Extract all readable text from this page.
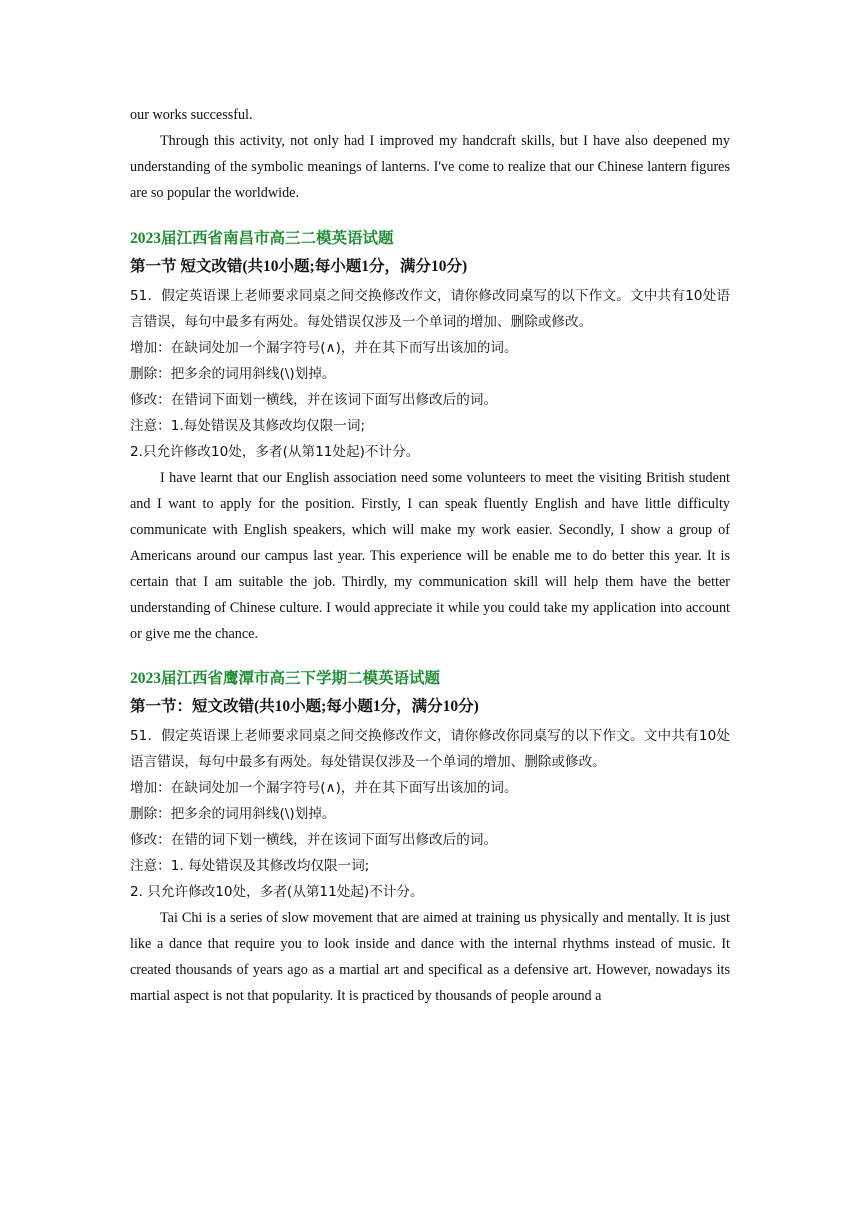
our works successful.

Through this activity, not only had I improved my handcraft skills, but I have also deepened my understanding of the symbolic meanings of lanterns. I've come to realize that our Chinese lantern figures are so popular the worldwide.

2023届江西省南昌市高三二模英语试题
第一节 短文改错(共10小题;每小题1分，满分10分)

51．假定英语课上老师要求同桌之间交换修改作文，请你修改同桌写的以下作文。文中共有10处语言错误，每句中最多有两处。每处错误仅涉及一个单词的增加、删除或修改。

增加：在缺词处加一个漏字符号(∧)，并在其下而写出该加的词。

删除：把多余的词用斜线(\)划掉。

修改：在错词下面划一横线，并在该词下面写出修改后的词。

注意：1.每处错误及其修改均仅限一词;

2.只允许修改10处，多者(从第11处起)不计分。

I have learnt that our English association need some volunteers to meet the visiting British student and I want to apply for the position. Firstly, I can speak fluently English and have little difficulty communicate with English speakers, which will make my work easier. Secondly, I show a group of Americans around our campus last year. This experience will be enable me to do better this year. It is certain that I am suitable the job. Thirdly, my communication skill will help them have the better understanding of Chinese culture. I would appreciate it while you could take my application into account or give me the chance.

2023届江西省鹰潭市高三下学期二模英语试题
第一节：短文改错(共10小题;每小题1分，满分10分)

51．假定英语课上老师要求同桌之间交换修改作文，请你修改你同桌写的以下作文。文中共有10处语言错误，每句中最多有两处。每处错误仅涉及一个单词的增加、删除或修改。

增加：在缺词处加一个漏字符号(∧)，并在其下面写出该加的词。

删除：把多余的词用斜线(\)划掉。

修改：在错的词下划一横线，并在该词下面写出修改后的词。

注意：1. 每处错误及其修改均仅限一词;

2. 只允许修改10处，多者(从第11处起)不计分。

Tai Chi is a series of slow movement that are aimed at training us physically and mentally. It is just like a dance that require you to look inside and dance with the internal rhythms instead of music. It created thousands of years ago as a martial art and specifical as a defensive art. However, nowadays its martial aspect is not that popularity. It is practiced by thousands of people around a
